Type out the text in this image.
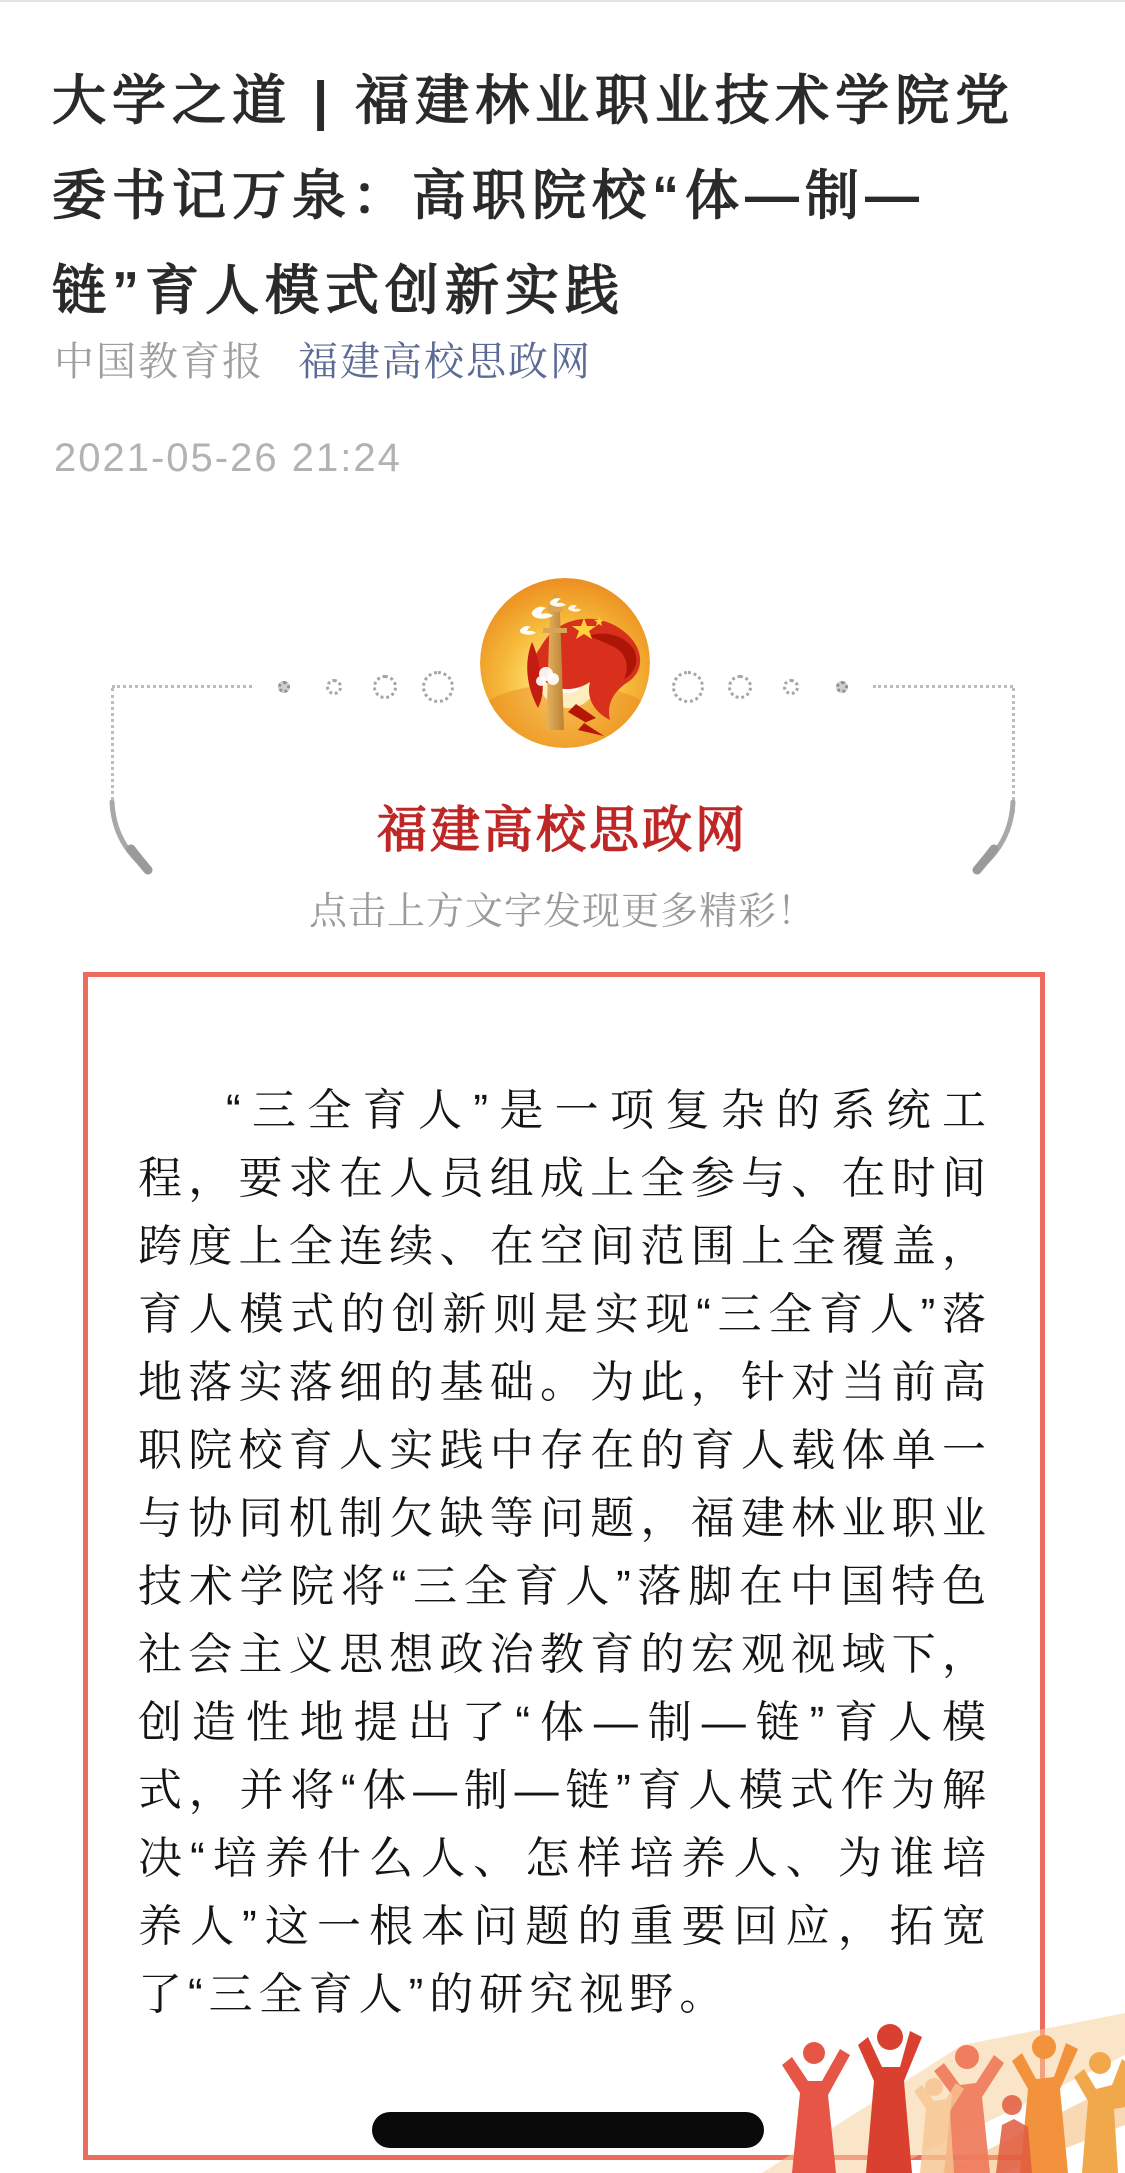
大学之道 | 福建林业职业技术学院党委书记万泉：高职院校“体—制—链”育人模式创新实践
中国教育报 福建高校思政网
2021-05-26 21:24
福建高校思政网
点击上方文字发现更多精彩！

“三全育人”是一项复杂的系统工程，要求在人员组成上全参与、在时间跨度上全连续、在空间范围上全覆盖，育人模式的创新则是实现“三全育人”落地落实落细的基础。为此，针对当前高职院校育人实践中存在的育人载体单一与协同机制欠缺等问题，福建林业职业技术学院将“三全育人”落脚在中国特色社会主义思想政治教育的宏观视域下，创造性地提出了“体—制—链”育人模式，并将“体—制—链”育人模式作为解决“培养什么人、怎样培养人、为谁培养人”这一根本问题的重要回应，拓宽了“三全育人”的研究视野。
